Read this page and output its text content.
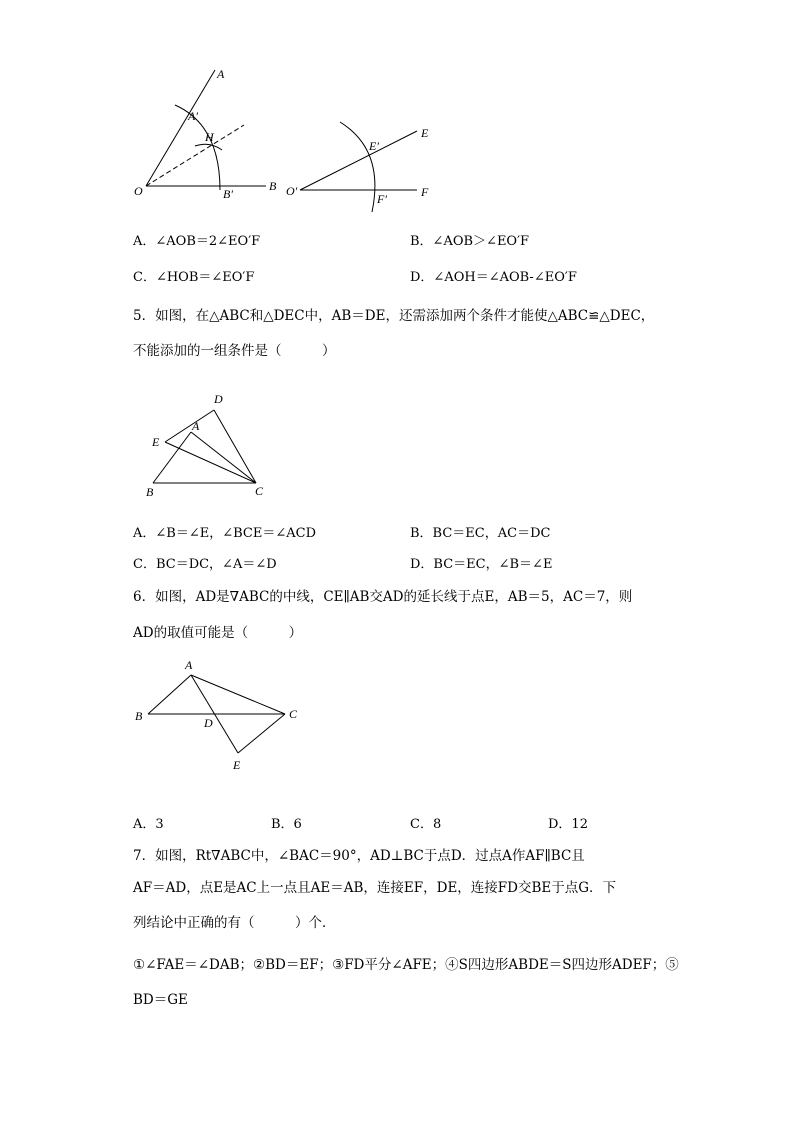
A
A′
H
O	B′
B O′
E′
E
F′	F
A．∠AOB＝2∠EO′F	B．∠AOB＞∠EO′F
C．∠HOB＝∠EO′F	D．∠AOH＝∠AOB-∠EO′F
5．如图，在△ABC和△DEC中，AB＝DE，还需添加两个条件才能使△ABC≌△DEC，
不能添加的一组条件是（　　　）
D
A
E
B	C
A．∠B＝∠E，∠BCE＝∠ACD	B．BC＝EC，AC＝DC
C．BC＝DC，∠A＝∠D	D．BC＝EC，∠B＝∠E
6．如图，AD是∇ABC的中线，CE∥AB交AD的延长线于点E，AB＝5，AC＝7，则
AD的取值可能是（　　　）
A
B	D
C
E
A．3	B．6	C．8	D．12
7．如图，Rt∇ABC中，∠BAC＝90°，AD⊥BC于点D．过点A作AF∥BC且
AF＝AD，点E是AC上一点且AE＝AB，连接EF，DE，连接FD交BE于点G．下
列结论中正确的有（　　　）个．
①∠FAE＝∠DAB；②BD＝EF；③FD平分∠AFE；④S四边形ABDE＝S四边形ADEF；⑤
BD＝GE
